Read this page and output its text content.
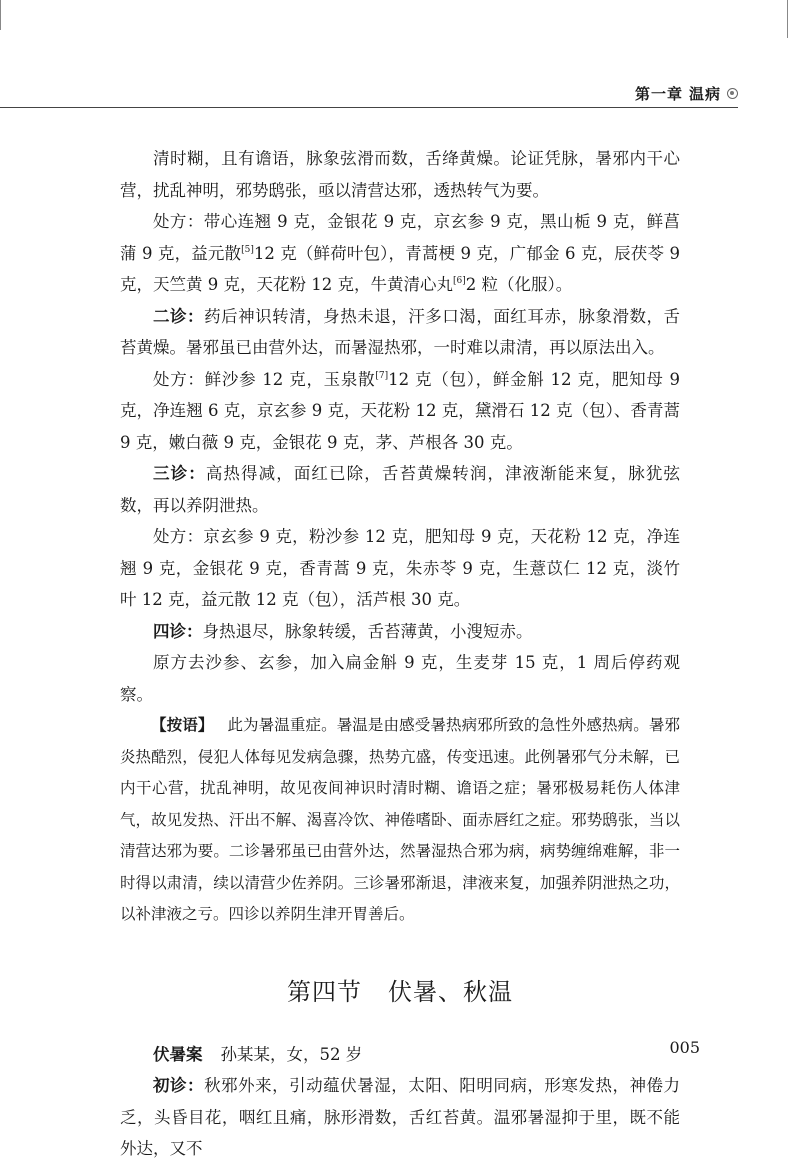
第一章 温病

清时糊，且有谵语，脉象弦滑而数，舌绛黄燥。论证凭脉，暑邪内干心营，扰乱神明，邪势鸱张，亟以清营达邪，透热转气为要。

处方：带心连翘 9 克，金银花 9 克，京玄参 9 克，黑山栀 9 克，鲜菖蒲 9 克，益元散[5]12 克（鲜荷叶包），青蒿梗 9 克，广郁金 6 克，辰茯苓 9 克，天竺黄 9 克，天花粉 12 克，牛黄清心丸[6]2 粒（化服）。

二诊：药后神识转清，身热未退，汗多口渴，面红耳赤，脉象滑数，舌苔黄燥。暑邪虽已由营外达，而暑湿热邪，一时难以肃清，再以原法出入。

处方：鲜沙参 12 克，玉泉散[7]12 克（包），鲜金斛 12 克，肥知母 9 克，净连翘 6 克，京玄参 9 克，天花粉 12 克，黛滑石 12 克（包）、香青蒿 9 克，嫩白薇 9 克，金银花 9 克，茅、芦根各 30 克。

三诊：高热得减，面红已除，舌苔黄燥转润，津液渐能来复，脉犹弦数，再以养阴泄热。

处方：京玄参 9 克，粉沙参 12 克，肥知母 9 克，天花粉 12 克，净连翘 9 克，金银花 9 克，香青蒿 9 克，朱赤苓 9 克，生薏苡仁 12 克，淡竹叶 12 克，益元散 12 克（包），活芦根 30 克。

四诊：身热退尽，脉象转缓，舌苔薄黄，小溲短赤。

原方去沙参、玄参，加入扁金斛 9 克，生麦芽 15 克，1 周后停药观察。

【按语】 此为暑温重症。暑温是由感受暑热病邪所致的急性外感热病。暑邪炎热酷烈，侵犯人体每见发病急骤，热势亢盛，传变迅速。此例暑邪气分未解，已内干心营，扰乱神明，故见夜间神识时清时糊、谵语之症；暑邪极易耗伤人体津气，故见发热、汗出不解、渴喜冷饮、神倦嗜卧、面赤唇红之症。邪势鸱张，当以清营达邪为要。二诊暑邪虽已由营外达，然暑湿热合邪为病，病势缠绵难解，非一时得以肃清，续以清营少佐养阴。三诊暑邪渐退，津液来复，加强养阴泄热之功，以补津液之亏。四诊以养阴生津开胃善后。

第四节 伏暑、秋温

伏暑案 孙某某，女，52 岁

初诊：秋邪外来，引动蕴伏暑湿，太阳、阳明同病，形寒发热，神倦力乏，头昏目花，咽红且痛，脉形滑数，舌红苔黄。温邪暑湿抑于里，既不能外达，又不

005
